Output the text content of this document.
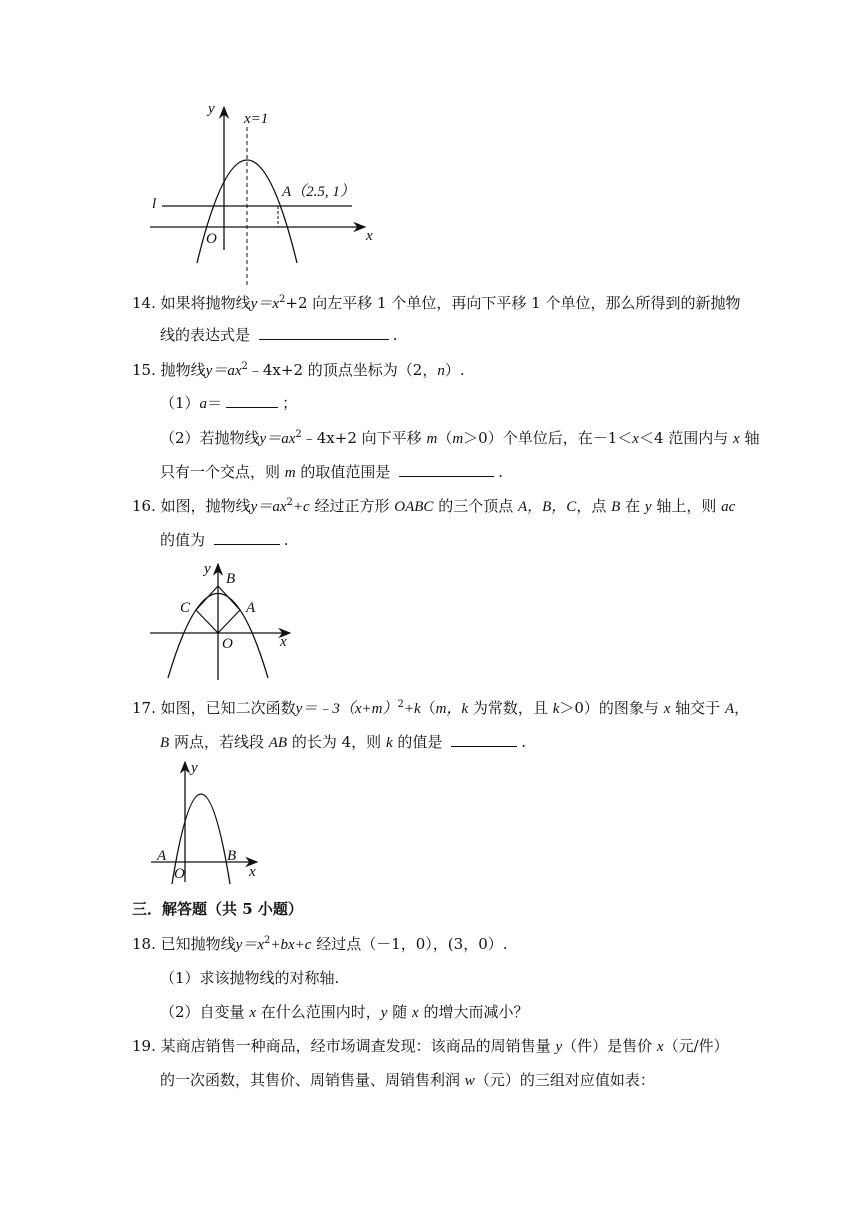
y
x=1
l
A（2.5, 1）
O	x
14. 如果将抛物线$y=x^2+2$ 向左平移 1 个单位，再向下平移 1 个单位，那么所得到的新抛物
线的表达式是	.
15. 抛物线$y=ax^2﹣4x+2$ 的顶点坐标为（2，n）.
（1）a＝	；
（2）若抛物线$y=ax^2﹣4x+2$ 向下平移 m（m＞0）个单位后，在－1＜x＜4 范围内与 x 轴
只有一个交点，则 m 的取值范围是	.
16. 如图，抛物线$y=ax^2+c$ 经过正方形 OABC 的三个顶点 A，B，C，点 B 在 y 轴上，则 ac
的值为	.
y
B
C	A
O	x
17. 如图，已知二次函数$y=﹣3(x+m)^2+k(m$，k 为常数，且 k＞0）的图象与 x 轴交于 A，
B 两点，若线段 AB 的长为 4，则 k 的值是	.
y
A	B
O	x
三．解答题（共 5 小题）
18. 已知抛物线$y=x^2+bx+c$ 经过点（－1，0），(3，0）.
（1）求该抛物线的对称轴.
（2）自变量 x 在什么范围内时，y 随 x 的增大而减小？
19. 某商店销售一种商品，经市场调查发现：该商品的周销售量 y（件）是售价 x（元/件）
的一次函数，其售价、周销售量、周销售利润 w（元）的三组对应值如表：
